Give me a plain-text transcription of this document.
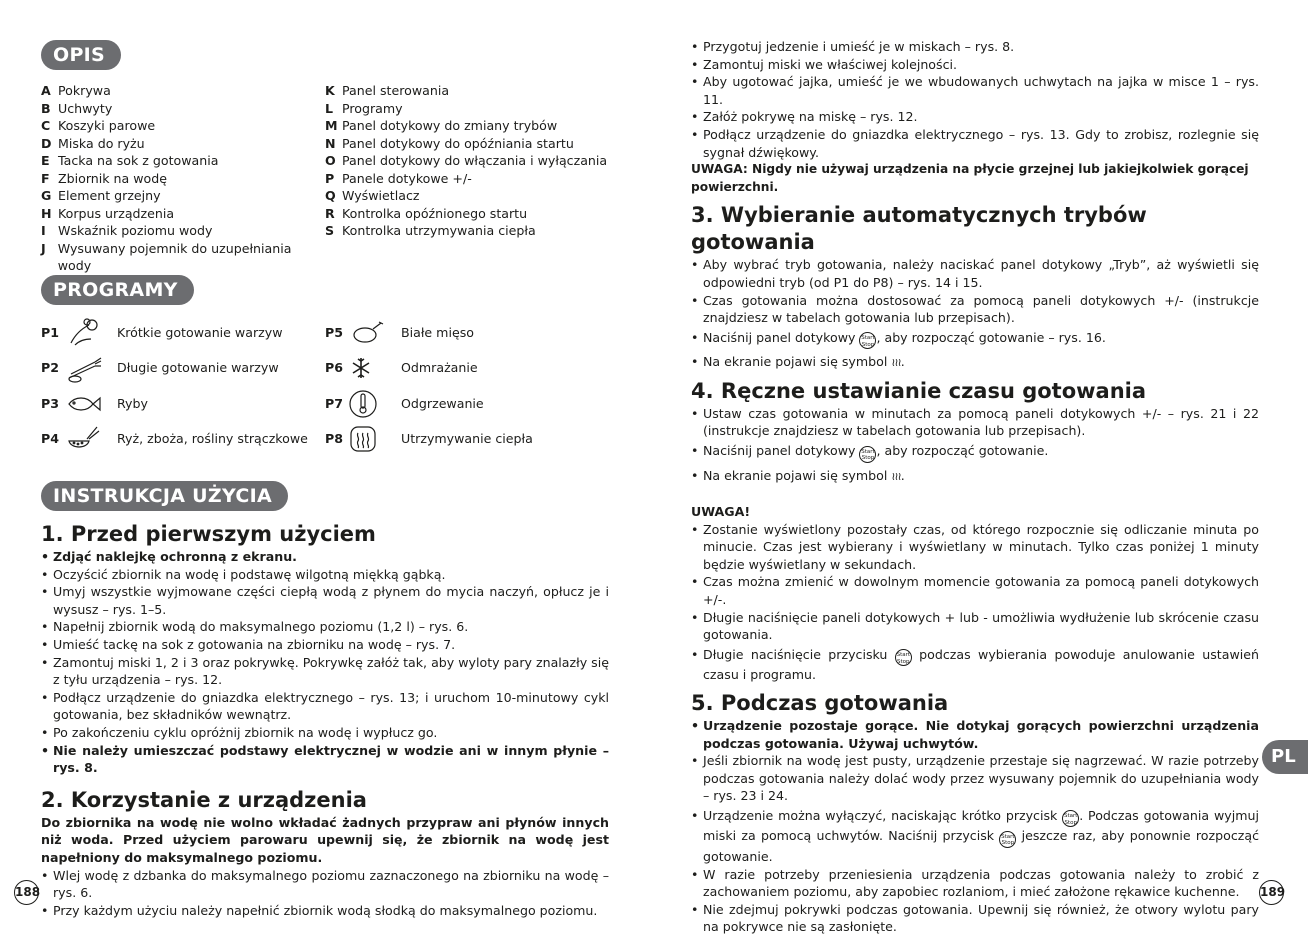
OPIS
A Pokrywa
B Uchwyty
C Koszyki parowe
D Miska do ryżu
E Tacka na sok z gotowania
F Zbiornik na wodę
G Element grzejny
H Korpus urządzenia
I Wskaźnik poziomu wody
J Wysuwany pojemnik do uzupełniania wody
K Panel sterowania
L Programy
M Panel dotykowy do zmiany trybów
N Panel dotykowy do opóźniania startu
O Panel dotykowy do włączania i wyłączania
P Panele dotykowe +/-
Q Wyświetlacz
R Kontrolka opóźnionego startu
S Kontrolka utrzymywania ciepła
PROGRAMY
P1	Krótkie gotowanie warzyw
P2	Długie gotowanie warzyw
P3	Ryby
P4	Ryż, zboża, rośliny strączkowe
P5	Białe mięso
P6	Odmrażanie
P7	Odgrzewanie
P8	Utrzymywanie ciepła
INSTRUKCJA UŻYCIA
1. Przed pierwszym użyciem
• Zdjąć naklejkę ochronną z ekranu.
• Oczyścić zbiornik na wodę i podstawę wilgotną miękką gąbką.
• Umyj wszystkie wyjmowane części ciepłą wodą z płynem do mycia naczyń, opłucz je i wysusz – rys. 1–5.
• Napełnij zbiornik wodą do maksymalnego poziomu (1,2 l) – rys. 6.
• Umieść tackę na sok z gotowania na zbiorniku na wodę – rys. 7.
• Zamontuj miski 1, 2 i 3 oraz pokrywkę. Pokrywkę załóż tak, aby wyloty pary znalazły się z tyłu urządzenia – rys. 12.
• Podłącz urządzenie do gniazdka elektrycznego – rys. 13; i uruchom 10-minutowy cykl gotowania, bez składników wewnątrz.
• Po zakończeniu cyklu opróżnij zbiornik na wodę i wypłucz go.
• Nie należy umieszczać podstawy elektrycznej w wodzie ani w innym płynie – rys. 8.
2. Korzystanie z urządzenia

Do zbiornika na wodę nie wolno wkładać żadnych przypraw ani płynów innych niż woda. Przed użyciem parowaru upewnij się, że zbiornik na wodę jest napełniony do maksymalnego poziomu.

• Wlej wodę z dzbanka do maksymalnego poziomu zaznaczonego na zbiorniku na wodę – rys. 6.
• Przy każdym użyciu należy napełnić zbiornik wodą słodką do maksymalnego poziomu.
• Przygotuj jedzenie i umieść je w miskach – rys. 8.
• Zamontuj miski we właściwej kolejności.
• Aby ugotować jajka, umieść je we wbudowanych uchwytach na jajka w misce 1 – rys. 11.
• Załóż pokrywę na miskę – rys. 12.
• Podłącz urządzenie do gniazdka elektrycznego – rys. 13. Gdy to zrobisz, rozlegnie się sygnał dźwiękowy.

UWAGA: Nigdy nie używaj urządzenia na płycie grzejnej lub jakiejkolwiek gorącej powierzchni.

3. Wybieranie automatycznych trybów gotowania
• Aby wybrać tryb gotowania, należy naciskać panel dotykowy „Tryb”, aż wyświetli się odpowiedni tryb (od P1 do P8) – rys. 14 i 15.
• Czas gotowania można dostosować za pomocą paneli dotykowych +/- (instrukcje znajdziesz w tabelach gotowania lub przepisach).
• Naciśnij panel dotykowy Start
Stop , aby rozpocząć gotowanie – rys. 16.
• Na ekranie pojawi się symbol ≀≀≀.
4. Ręczne ustawianie czasu gotowania
• Ustaw czas gotowania w minutach za pomocą paneli dotykowych +/- – rys. 21 i 22 (instrukcje znajdziesz w tabelach gotowania lub przepisach).
• Naciśnij panel dotykowy Start
Stop , aby rozpocząć gotowanie.
• Na ekranie pojawi się symbol ≀≀≀.

UWAGA!

• Zostanie wyświetlony pozostały czas, od którego rozpocznie się odliczanie minuta po minucie. Czas jest wybierany i wyświetlany w minutach. Tylko czas poniżej 1 minuty będzie wyświetlany w sekundach.
• Czas można zmienić w dowolnym momencie gotowania za pomocą paneli dotykowych +/-.
• Długie naciśnięcie paneli dotykowych + lub - umożliwia wydłużenie lub skrócenie czasu gotowania.
• Długie naciśnięcie przycisku Start
Stop podczas wybierania powoduje anulowanie ustawień czasu i programu.
5. Podczas gotowania
• Urządzenie pozostaje gorące. Nie dotykaj gorących powierzchni urządzenia podczas gotowania. Używaj uchwytów.
• Jeśli zbiornik na wodę jest pusty, urządzenie przestaje się nagrzewać. W razie potrzeby podczas gotowania należy dolać wody przez wysuwany pojemnik do uzupełniania wody – rys. 23 i 24.
• Urządzenie można wyłączyć, naciskając krótko przycisk Start
Stop . Podczas gotowania wyjmuj miski za pomocą uchwytów. Naciśnij przycisk Start
Stop jeszcze raz, aby ponownie rozpocząć gotowanie.
• W razie potrzeby przeniesienia urządzenia podczas gotowania należy to zrobić z zachowaniem poziomu, aby zapobiec rozlaniom, i mieć założone rękawice kuchenne.
• Nie zdejmuj pokrywki podczas gotowania. Upewnij się również, że otwory wylotu pary na pokrywce nie są zasłonięte.
188	189
PL
